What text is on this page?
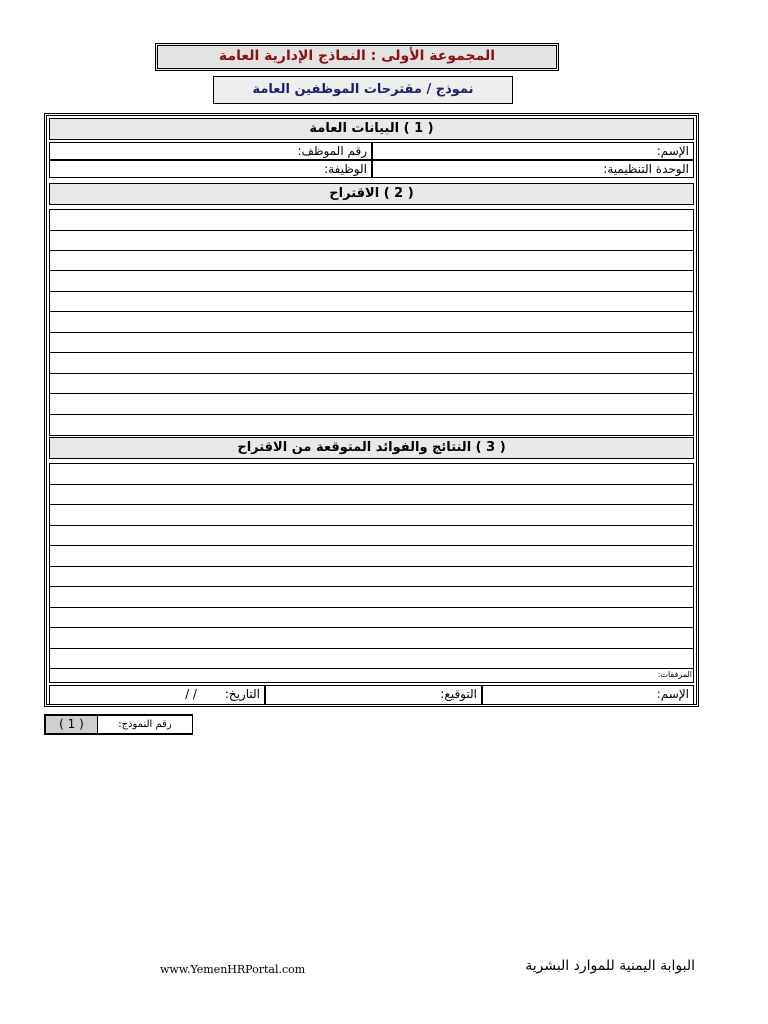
المجموعة الأولى : النماذج الإدارية العامة
نموذج / مقترحات الموظفين العامة
( 1 ) البيانات العامة
الإسم:
رقم الموظف:
الوحدة التنظيمية:
الوظيفة:
( 2 ) الاقتراح
( 3 ) النتائج والفوائد المتوقعة من الاقتراح
المرفقات:
الإسم:
التوقيع:
التاريخ: / /
رقم النموذج:
( 1 )
www.YemenHRPortal.com	البوابة اليمنية للموارد البشرية
